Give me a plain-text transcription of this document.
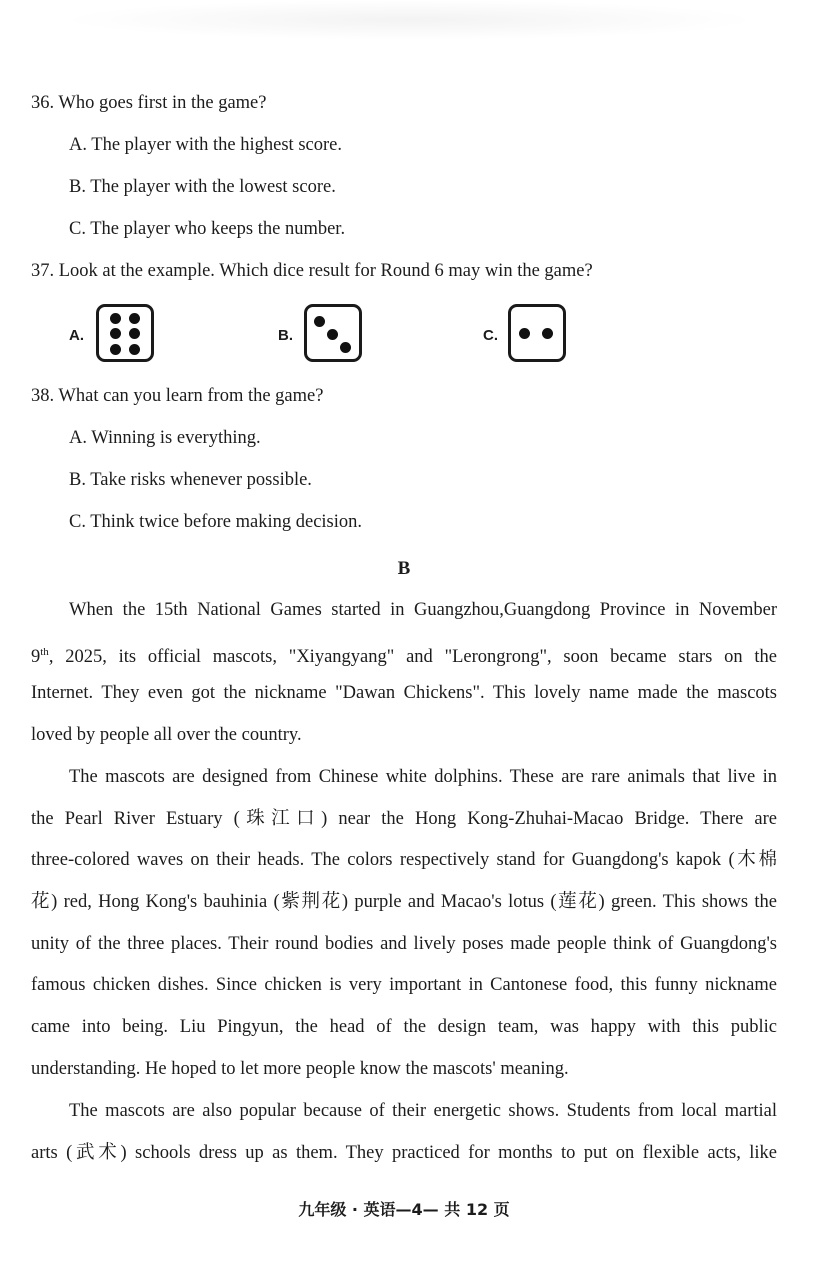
36. Who goes first in the game?
A. The player with the highest score.
B. The player with the lowest score.
C. The player who keeps the number.
37. Look at the example. Which dice result for Round 6 may win the game?
A.	B.	C.
38. What can you learn from the game?
A. Winning is everything.
B. Take risks whenever possible.
C. Think twice before making decision.
B
When the 15th National Games started in Guangzhou,Guangdong Province in November
9th, 2025, its official mascots, "Xiyangyang" and "Lerongrong", soon became stars on the
Internet. They even got the nickname "Dawan Chickens". This lovely name made the mascots
loved by people all over the country.
The mascots are designed from Chinese white dolphins. These are rare animals that live in
the Pearl River Estuary (珠江口) near the Hong Kong-Zhuhai-Macao Bridge. There are
three-colored waves on their heads. The colors respectively stand for Guangdong's kapok (木棉
花) red, Hong Kong's bauhinia (紫荆花) purple and Macao's lotus (莲花) green. This shows the
unity of the three places. Their round bodies and lively poses made people think of Guangdong's
famous chicken dishes. Since chicken is very important in Cantonese food, this funny nickname
came into being. Liu Pingyun, the head of the design team, was happy with this public
understanding. He hoped to let more people know the mascots' meaning.
The mascots are also popular because of their energetic shows. Students from local martial
arts (武术) schools dress up as them. They practiced for months to put on flexible acts, like
九年级 · 英语—4— 共 12 页
